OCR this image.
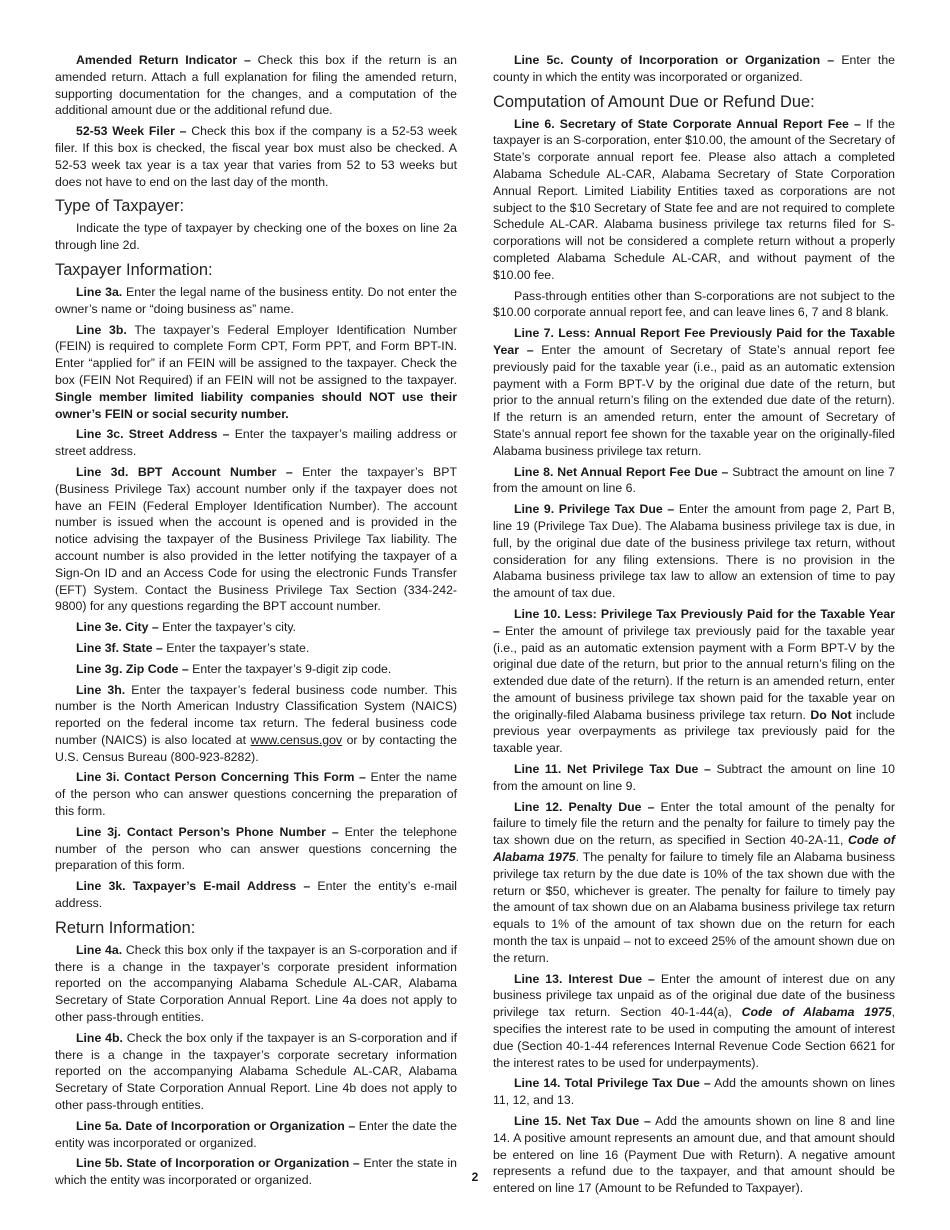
Amended Return Indicator – Check this box if the return is an amended return. Attach a full explanation for filing the amended return, supporting documentation for the changes, and a computation of the additional amount due or the additional refund due.

52-53 Week Filer – Check this box if the company is a 52-53 week filer. If this box is checked, the fiscal year box must also be checked. A 52-53 week tax year is a tax year that varies from 52 to 53 weeks but does not have to end on the last day of the month.

Type of Taxpayer:

Indicate the type of taxpayer by checking one of the boxes on line 2a through line 2d.

Taxpayer Information:

Line 3a. Enter the legal name of the business entity. Do not enter the owner’s name or “doing business as” name.

Line 3b. The taxpayer’s Federal Employer Identification Number (FEIN) is required to complete Form CPT, Form PPT, and Form BPT-IN. Enter “applied for” if an FEIN will be assigned to the taxpayer. Check the box (FEIN Not Required) if an FEIN will not be assigned to the taxpayer. Single member limited liability companies should NOT use their owner’s FEIN or social security number.

Line 3c. Street Address – Enter the taxpayer’s mailing address or street address.

Line 3d. BPT Account Number – Enter the taxpayer’s BPT (Business Privilege Tax) account number only if the taxpayer does not have an FEIN (Federal Employer Identification Number). The account number is issued when the account is opened and is provided in the notice advising the taxpayer of the Business Privilege Tax liability. The account number is also provided in the letter notifying the taxpayer of a Sign-On ID and an Access Code for using the electronic Funds Transfer (EFT) System. Contact the Business Privilege Tax Section (334-242-9800) for any questions regarding the BPT account number.

Line 3e. City – Enter the taxpayer’s city.

Line 3f. State – Enter the taxpayer’s state.

Line 3g. Zip Code – Enter the taxpayer’s 9-digit zip code.

Line 3h. Enter the taxpayer’s federal business code number. This number is the North American Industry Classification System (NAICS) reported on the federal income tax return. The federal business code number (NAICS) is also located at www.census.gov or by contacting the U.S. Census Bureau (800-923-8282).

Line 3i. Contact Person Concerning This Form – Enter the name of the person who can answer questions concerning the preparation of this form.

Line 3j. Contact Person’s Phone Number – Enter the telephone number of the person who can answer questions concerning the preparation of this form.

Line 3k. Taxpayer’s E-mail Address – Enter the entity’s e-mail address.

Return Information:

Line 4a. Check this box only if the taxpayer is an S-corporation and if there is a change in the taxpayer’s corporate president information reported on the accompanying Alabama Schedule AL-CAR, Alabama Secretary of State Corporation Annual Report. Line 4a does not apply to other pass-through entities.

Line 4b. Check the box only if the taxpayer is an S-corporation and if there is a change in the taxpayer’s corporate secretary information reported on the accompanying Alabama Schedule AL-CAR, Alabama Secretary of State Corporation Annual Report. Line 4b does not apply to other pass-through entities.

Line 5a. Date of Incorporation or Organization – Enter the date the entity was incorporated or organized.

Line 5b. State of Incorporation or Organization – Enter the state in which the entity was incorporated or organized.

Line 5c. County of Incorporation or Organization – Enter the county in which the entity was incorporated or organized.

Computation of Amount Due or Refund Due:

Line 6. Secretary of State Corporate Annual Report Fee – If the taxpayer is an S-corporation, enter $10.00, the amount of the Secretary of State’s corporate annual report fee. Please also attach a completed Alabama Schedule AL-CAR, Alabama Secretary of State Corporation Annual Report. Limited Liability Entities taxed as corporations are not subject to the $10 Secretary of State fee and are not required to complete Schedule AL-CAR. Alabama business privilege tax returns filed for S-corporations will not be considered a complete return without a properly completed Alabama Schedule AL-CAR, and without payment of the $10.00 fee.

Pass-through entities other than S-corporations are not subject to the $10.00 corporate annual report fee, and can leave lines 6, 7 and 8 blank.

Line 7. Less: Annual Report Fee Previously Paid for the Taxable Year – Enter the amount of Secretary of State’s annual report fee previously paid for the taxable year (i.e., paid as an automatic extension payment with a Form BPT-V by the original due date of the return, but prior to the annual return’s filing on the extended due date of the return). If the return is an amended return, enter the amount of Secretary of State’s annual report fee shown for the taxable year on the originally-filed Alabama business privilege tax return.

Line 8. Net Annual Report Fee Due – Subtract the amount on line 7 from the amount on line 6.

Line 9. Privilege Tax Due – Enter the amount from page 2, Part B, line 19 (Privilege Tax Due). The Alabama business privilege tax is due, in full, by the original due date of the business privilege tax return, without consideration for any filing extensions. There is no provision in the Alabama business privilege tax law to allow an extension of time to pay the amount of tax due.

Line 10. Less: Privilege Tax Previously Paid for the Taxable Year – Enter the amount of privilege tax previously paid for the taxable year (i.e., paid as an automatic extension payment with a Form BPT-V by the original due date of the return, but prior to the annual return’s filing on the extended due date of the return). If the return is an amended return, enter the amount of business privilege tax shown paid for the taxable year on the originally-filed Alabama business privilege tax return. Do Not include previous year overpayments as privilege tax previously paid for the taxable year.

Line 11. Net Privilege Tax Due – Subtract the amount on line 10 from the amount on line 9.

Line 12. Penalty Due – Enter the total amount of the penalty for failure to timely file the return and the penalty for failure to timely pay the tax shown due on the return, as specified in Section 40-2A-11, Code of Alabama 1975. The penalty for failure to timely file an Alabama business privilege tax return by the due date is 10% of the tax shown due with the return or $50, whichever is greater. The penalty for failure to timely pay the amount of tax shown due on an Alabama business privilege tax return equals to 1% of the amount of tax shown due on the return for each month the tax is unpaid – not to exceed 25% of the amount shown due on the return.

Line 13. Interest Due – Enter the amount of interest due on any business privilege tax unpaid as of the original due date of the business privilege tax return. Section 40-1-44(a), Code of Alabama 1975, specifies the interest rate to be used in computing the amount of interest due (Section 40-1-44 references Internal Revenue Code Section 6621 for the interest rates to be used for underpayments).

Line 14. Total Privilege Tax Due – Add the amounts shown on lines 11, 12, and 13.

Line 15. Net Tax Due – Add the amounts shown on line 8 and line 14. A positive amount represents an amount due, and that amount should be entered on line 16 (Payment Due with Return). A negative amount represents a refund due to the taxpayer, and that amount should be entered on line 17 (Amount to be Refunded to Taxpayer).

2
